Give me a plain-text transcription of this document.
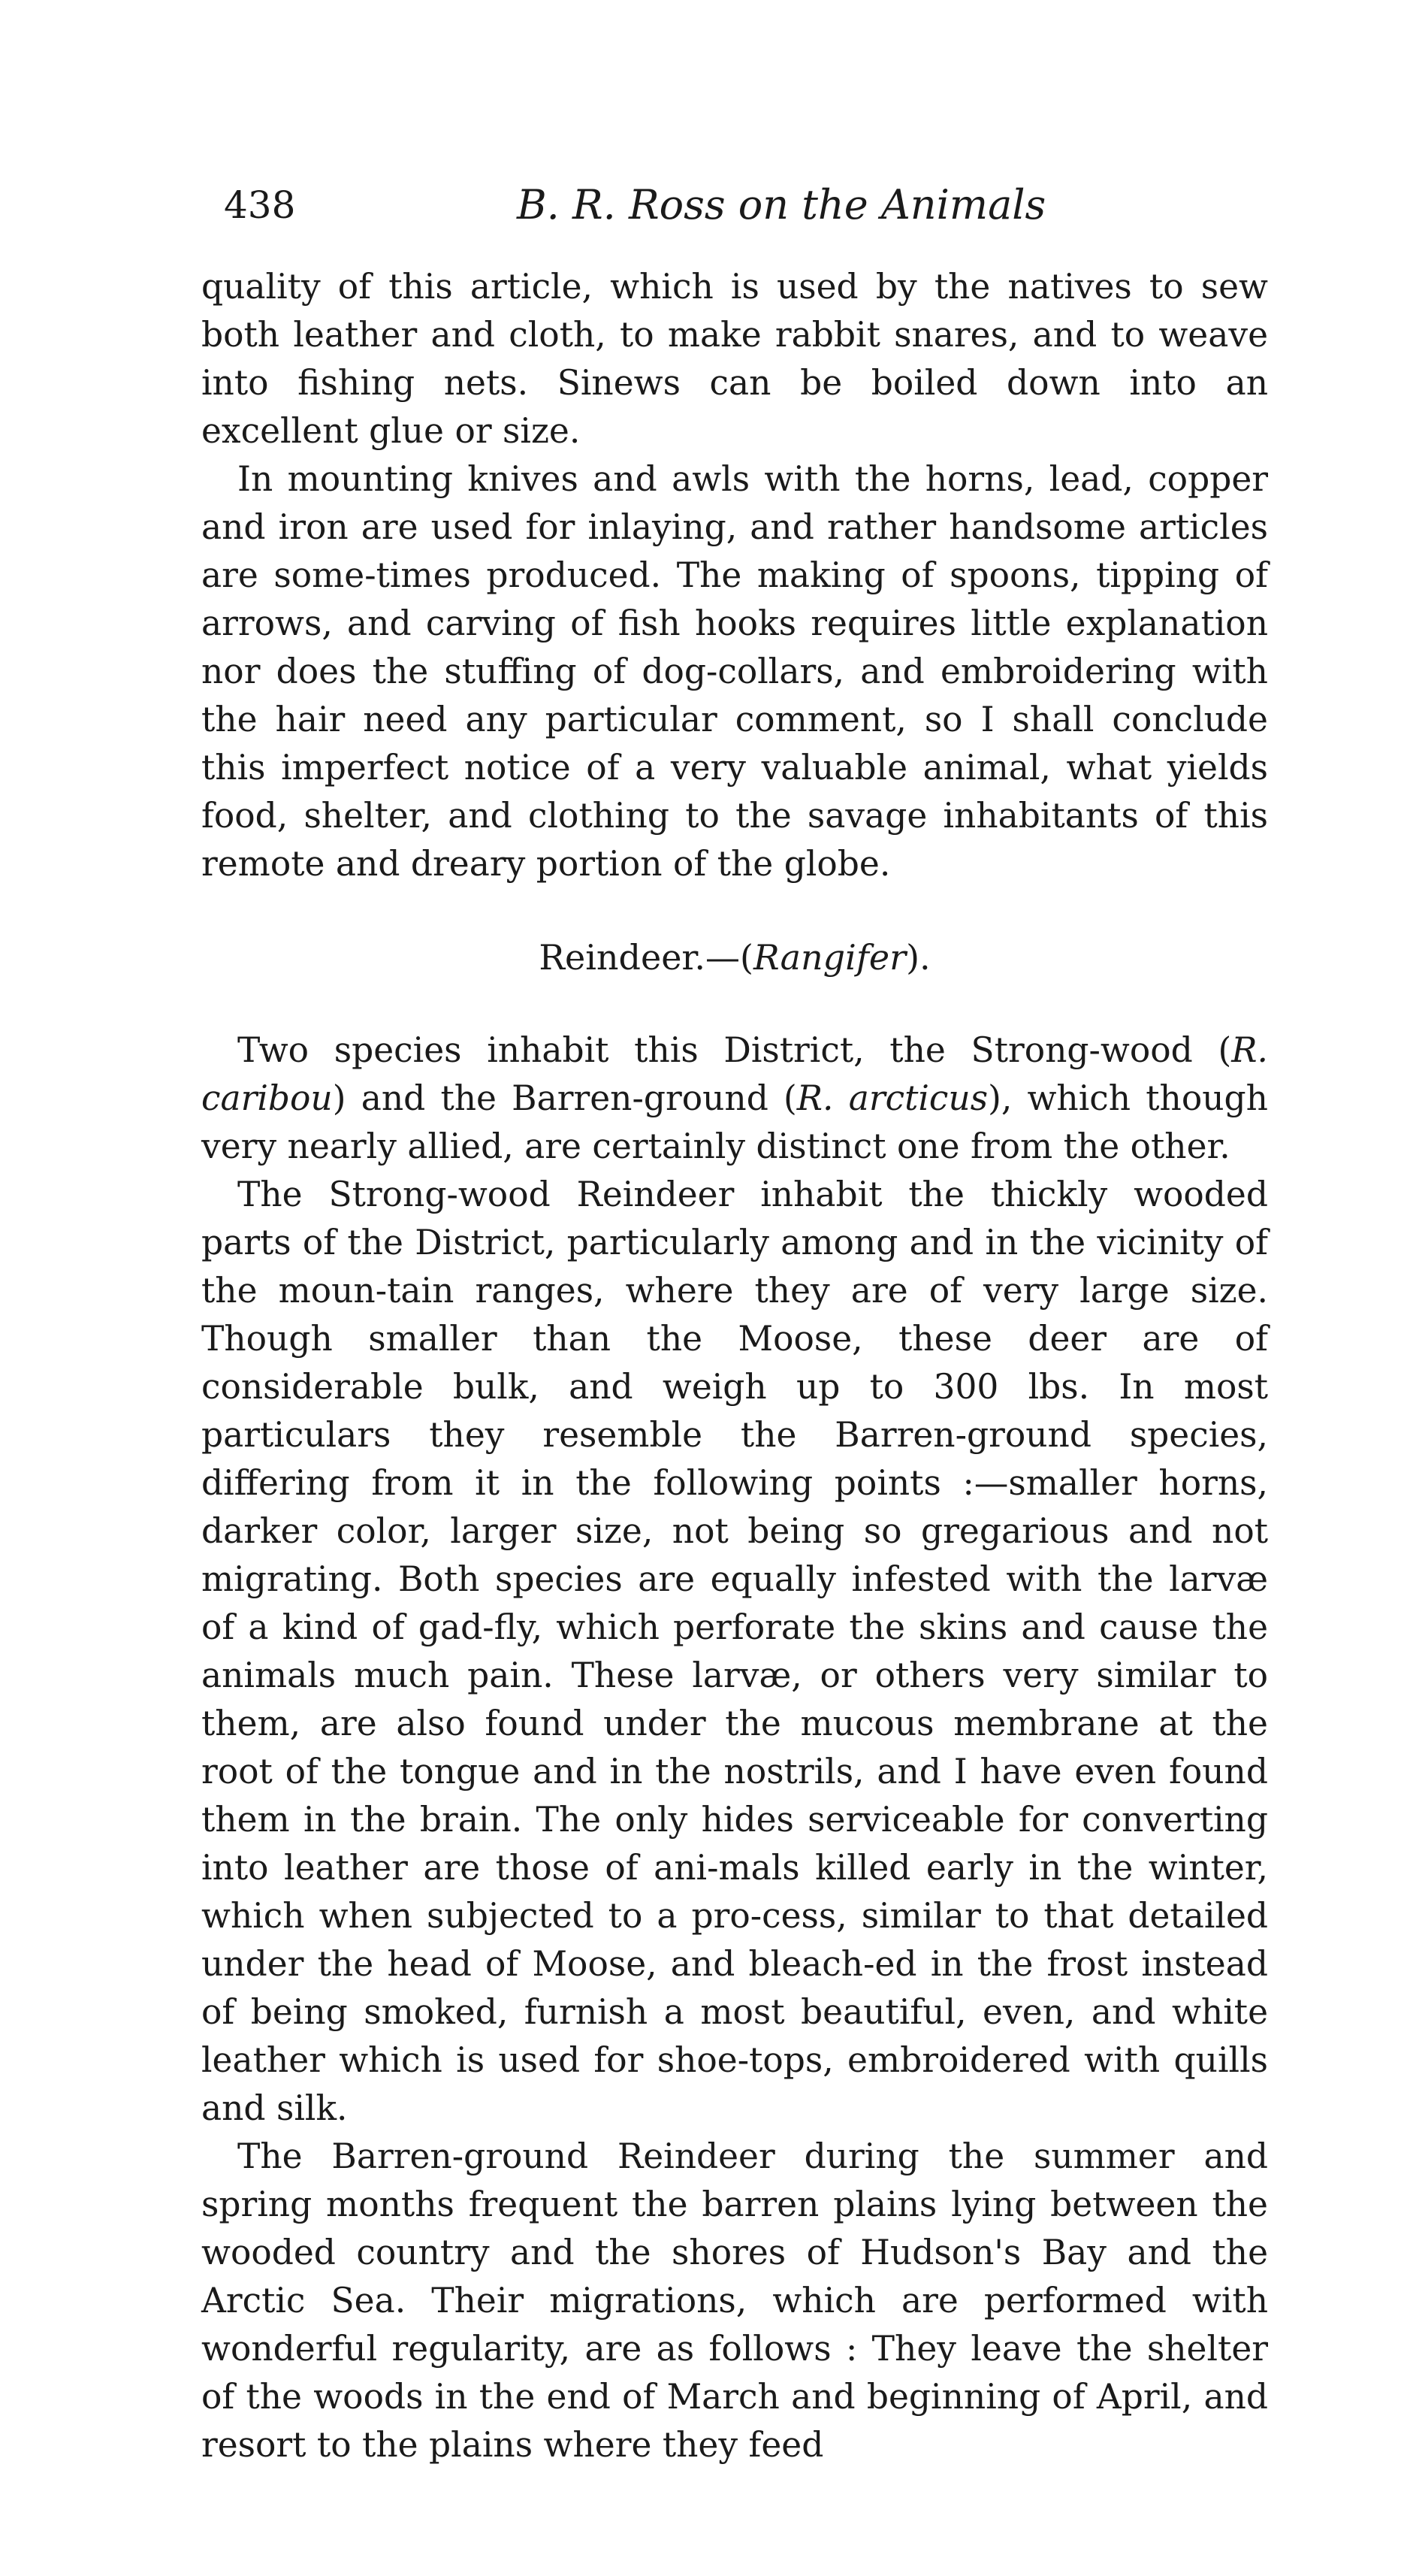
438	B. R. Ross on the Animals

quality of this article, which is used by the natives to sew both leather and cloth, to make rabbit snares, and to weave into fishing nets. Sinews can be boiled down into an excellent glue or size.

In mounting knives and awls with the horns, lead, copper and iron are used for inlaying, and rather handsome articles are some-times produced. The making of spoons, tipping of arrows, and carving of fish hooks requires little explanation nor does the stuffing of dog-collars, and embroidering with the hair need any particular comment, so I shall conclude this imperfect notice of a very valuable animal, what yields food, shelter, and clothing to the savage inhabitants of this remote and dreary portion of the globe.

Reindeer.—(Rangifer).

Two species inhabit this District, the Strong-wood (R. caribou) and the Barren-ground (R. arcticus), which though very nearly allied, are certainly distinct one from the other.

The Strong-wood Reindeer inhabit the thickly wooded parts of the District, particularly among and in the vicinity of the moun-tain ranges, where they are of very large size. Though smaller than the Moose, these deer are of considerable bulk, and weigh up to 300 lbs. In most particulars they resemble the Barren-ground species, differing from it in the following points :—smaller horns, darker color, larger size, not being so gregarious and not migrating. Both species are equally infested with the larvæ of a kind of gad-fly, which perforate the skins and cause the animals much pain. These larvæ, or others very similar to them, are also found under the mucous membrane at the root of the tongue and in the nostrils, and I have even found them in the brain. The only hides serviceable for converting into leather are those of ani-mals killed early in the winter, which when subjected to a pro-cess, similar to that detailed under the head of Moose, and bleach-ed in the frost instead of being smoked, furnish a most beautiful, even, and white leather which is used for shoe-tops, embroidered with quills and silk.

The Barren-ground Reindeer during the summer and spring months frequent the barren plains lying between the wooded country and the shores of Hudson's Bay and the Arctic Sea. Their migrations, which are performed with wonderful regularity, are as follows : They leave the shelter of the woods in the end of March and beginning of April, and resort to the plains where they feed
